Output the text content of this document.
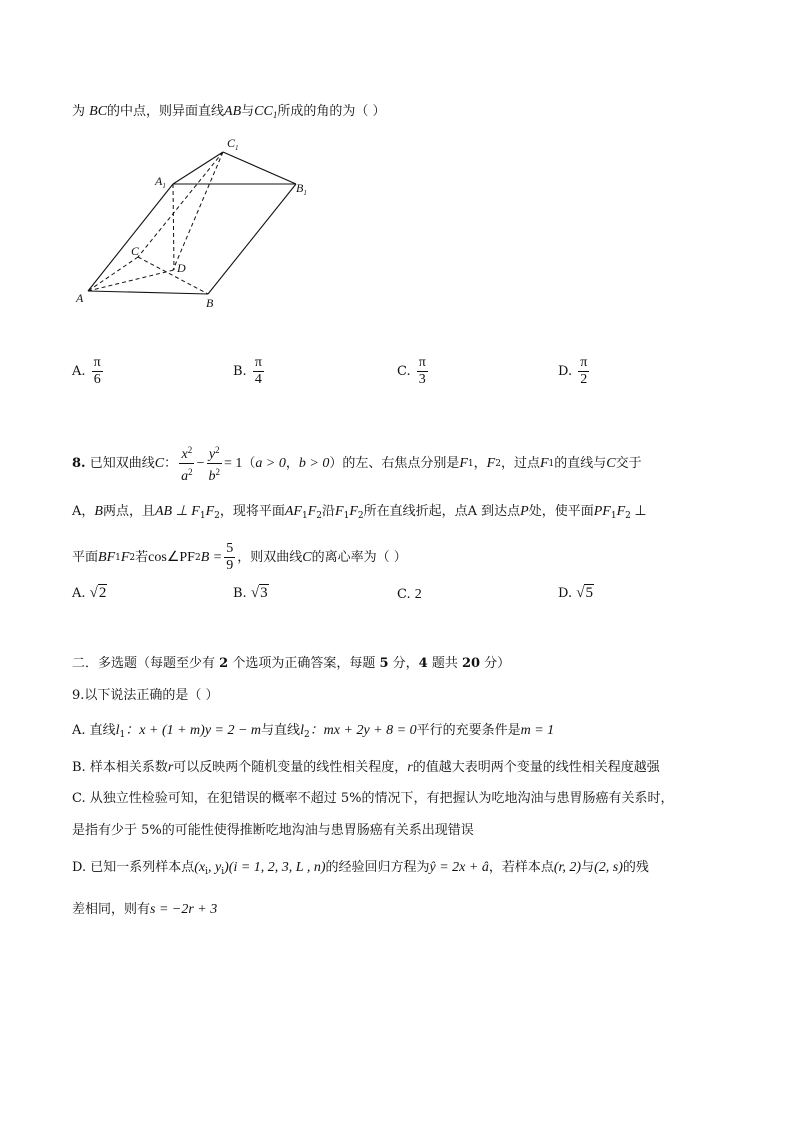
为 BC的中点，则异面直线AB与$CC_1$所成的角的为（ ）
$C_1$
$A_1$	$B_1$
C
D
A	B
A. $\frac{\pi}{6}$	B. $\frac{\pi}{4}$	C. $\frac{\pi}{3}$	D. $\frac{\pi}{2}$
8.
已知双曲线 C ： $\frac{x^2}{a^2} - \frac{y^2}{b^2} = 1$ （ a > 0 ， b > 0 ）的左、右焦点分别是 F 1 ， F 2 ，过点 F 1 的直线与 C 交于
A，B两点，且AB ⊥ $F_1F_2$，现将平面$AF_1F_2$沿$F_1F_2$所在直线折起，点A 到达点P处，使平面$PF_1F_2$ ⊥
平面 BF 1 F 2 若 cos∠PF 2 $B = \frac{5}{9}$ ，则双曲线 C 的离心率为（ ）
A. √2	B. √3	C. 2	D. √5
二．多选题（每题至少有 2 个选项为正确答案，每题 5 分，4 题共 20 分）
9.以下说法正确的是（ ）
A. 直线$l_1$：x + (1 + m)y = 2 − m与直线$l_2$：mx + 2y + 8 = 0平行的充要条件是m = 1
B. 样本相关系数r可以反映两个随机变量的线性相关程度，r的值越大表明两个变量的线性相关程度越强
C. 从独立性检验可知，在犯错误的概率不超过 5%的情况下，有把握认为吃地沟油与患胃肠癌有关系时，
是指有少于 5%的可能性使得推断吃地沟油与患胃肠癌有关系出现错误
D. 已知一系列样本点($x_i$, $y_i)(i = 1$, 2, 3, L , n)的经验回归方程为ŷ = 2x + â，若样本点(r, 2)与(2, s)的残
差相同，则有s = −2r + 3
